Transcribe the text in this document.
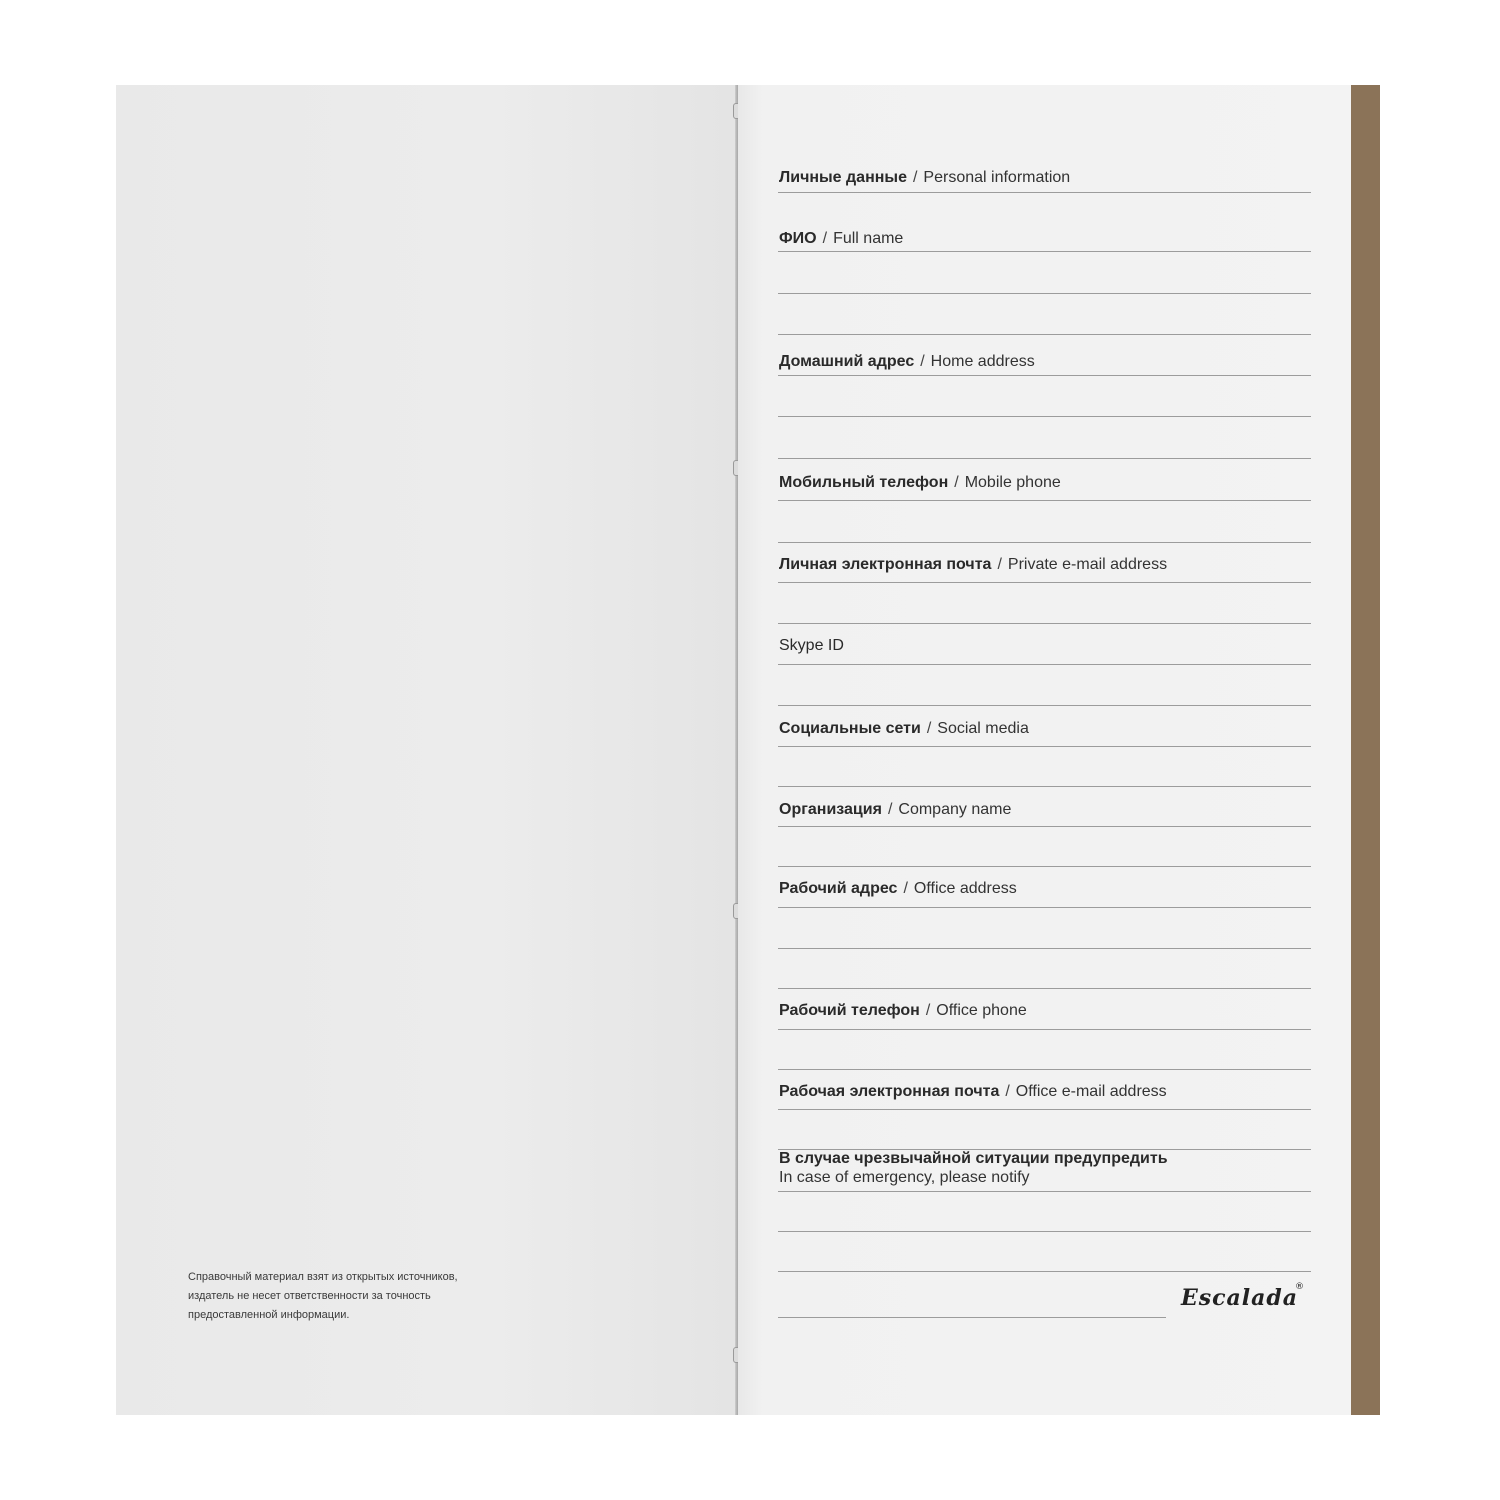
Справочный материал взят из открытых источников,
издатель не несет ответственности за точность
предоставленной информации.
Личные данные / Personal information
ФИО / Full name
Домашний адрес / Home address
Мобильный телефон / Mobile phone
Личная электронная почта / Private e-mail address
Skype ID
Социальные сети / Social media
Организация / Company name
Рабочий адрес / Office address
Рабочий телефон / Office phone
Рабочая электронная почта / Office e-mail address
В случае чрезвычайной ситуации предупредить
In case of emergency, please notify
Escalada
®
